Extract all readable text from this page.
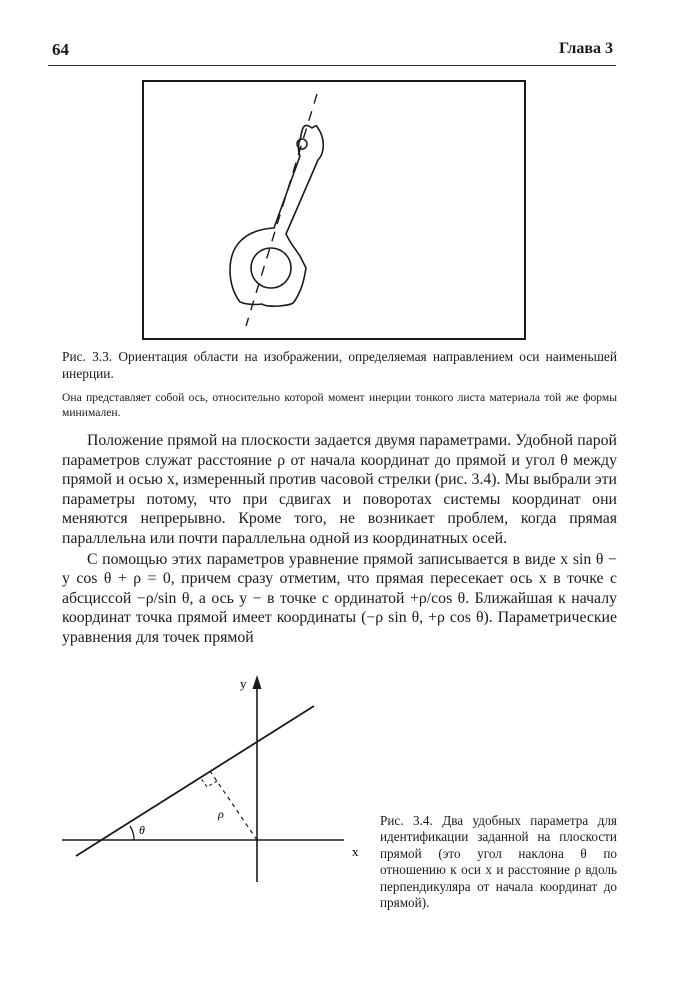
64	Глава 3
Рис. 3.3. Ориентация области на изображении, определяемая направлением оси наименьшей инерции.
Она представляет собой ось, относительно которой момент инерции тонкого листа материала той же формы минимален.

Положение прямой на плоскости задается двумя параметрами. Удобной парой параметров служат расстояние ρ от начала координат до прямой и угол θ между прямой и осью x, измеренный против часовой стрелки (рис. 3.4). Мы выбрали эти параметры потому, что при сдвигах и поворотах системы координат они меняются непрерывно. Кроме того, не возникает проблем, когда прямая параллельна или почти параллельна одной из координатных осей.

С помощью этих параметров уравнение прямой записывается в виде x sin θ − y cos θ + ρ = 0, причем сразу отметим, что прямая пересекает ось x в точке с абсциссой −ρ/sin θ, а ось y − в точке с ординатой +ρ/cos θ. Ближайшая к началу координат точка прямой имеет координаты (−ρ sin θ, +ρ cos θ). Параметрические уравнения для точек прямой

y
x
θ
ρ	Рис. 3.4. Два удобных параметра для идентификации заданной на плоскости прямой (это угол наклона θ по отношению к оси x и расстояние ρ вдоль перпендикуляра от начала координат до прямой).
